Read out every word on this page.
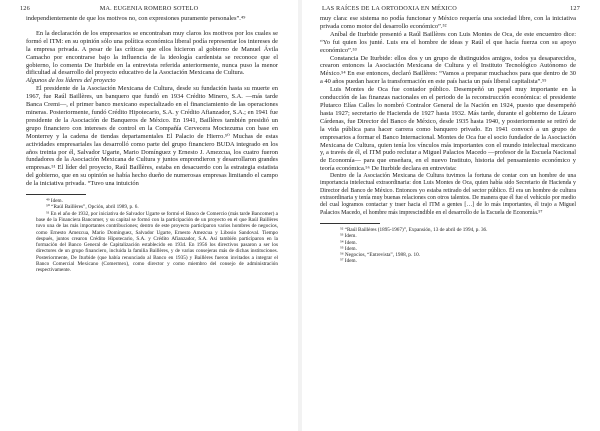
126	MA. EUGENIA ROMERO SOTELO

independientemente de que los motivos no, con expresiones puramente personales”.⁴⁹

En la declaración de los empresarios se encontraban muy claros los motivos por los cuales se formó el ITM: en su opinión sólo una política económica liberal podía representar los intereses de la empresa privada. A pesar de las críticas que ellos hicieron al gobierno de Manuel Ávila Camacho por encontrarse bajo la influencia de la ideología cardenista se reconoce que el gobierno, lo comenta De Iturbide en la entrevista referida anteriormente, nunca puso la menor dificultad al desarrollo del proyecto educativo de la Asociación Mexicana de Cultura.

Algunos de los líderes del proyecto

El presidente de la Asociación Mexicana de Cultura, desde su fundación hasta su muerte en 1967, fue Raúl Baillères, un banquero que fundó en 1934 Crédito Minero, S.A. —más tarde Banca Cremi—, el primer banco mexicano especializado en el financiamiento de las operaciones mineras. Posteriormente, fundó Crédito Hipotecario, S.A. y Crédito Afianzador, S.A.; en 1941 fue presidente de la Asociación de Banqueros de México. En 1941, Baillères también presidió un grupo financiero con intereses de control en la Compañía Cervecera Moctezuma con base en Monterrey y la cadena de tiendas departamentales El Palacio de Hierro.⁵⁰ Muchas de estas actividades empresariales las desarrolló como parte del grupo financiero BUDA integrado en los años treinta por él, Salvador Ugarte, Mario Domínguez y Ernesto J. Amezcua, los cuatro fueron fundadores de la Asociación Mexicana de Cultura y juntos emprendieron y desarrollaron grandes empresas.⁵¹ El líder del proyecto, Raúl Baillères, estaba en desacuerdo con la estrategia estatista del gobierno, que en su opinión se había hecho dueño de numerosas empresas limitando el campo de la iniciativa privada. “Tuvo una intuición

⁴⁹ Idem.

⁵⁰ “Raúl Baillères”, Opción, abril 1989, p. 6.

⁵¹ En el año de 1932, por iniciativa de Salvador Ugarte se formó el Banco de Comercio (más tarde Bancomer) a base de la Financiera Bancomer, y su capital se formó con la participación de un proyecto en el que Raúl Baillères tuvo una de las más importantes contribuciones; dentro de este proyecto participaron varios hombres de negocios, como Ernesto Amezcua, Mario Domínguez, Salvador Ugarte, Ernesto Amezcua y Libosio Sandoval. Tiempo después, juntos crearon Crédito Hipotecario, S.A. y Crédito Afianzador, S.A. Así también participaron en la formación del Banco General de Capitalización establecido en 1934. En 1956 los directivos pasaron a ser los directores de un grupo financiero, incluida la familia Baillères, y de varias consejeras más de dichas instituciones. Posteriormente, De Iturbide (que había renunciado al Banco en 1935) y Baillères fueron invitados a integrar el Banco Comercial Mexicano (Comermex), como director y como miembro del consejo de administración respectivamente.

LAS RAÍCES DE LA ORTODOXIA EN MÉXICO	127

muy clara: ese sistema no podía funcionar y México requería una sociedad libre, con la iniciativa privada como motor del desarrollo económico”.⁵²

Aníbal de Iturbide presentó a Raúl Baillères con Luis Montes de Oca, de este encuentro dice: “Yo fui quien los junté. Luis era el hombre de ideas y Raúl el que hacía fuerza con su apoyo económico”.⁵³

Constancia De Iturbide: ellos dos y un grupo de distinguidos amigos, todos ya desaparecidos, crearon entonces la Asociación Mexicana de Cultura y el Instituto Tecnológico Autónomo de México.⁵⁴ En ese entonces, declaró Baillères: “Vamos a preparar muchachos para que dentro de 30 a 40 años puedan hacer la transformación en este país hacia un país liberal capitalista”.⁵⁵

Luis Montes de Oca fue contador público. Desempeñó un papel muy importante en la conducción de las finanzas nacionales en el periodo de la reconstrucción económica: el presidente Plutarco Elías Calles lo nombró Contralor General de la Nación en 1924, puesto que desempeñó hasta 1927; secretario de Hacienda de 1927 hasta 1932. Más tarde, durante el gobierno de Lázaro Cárdenas, fue Director del Banco de México, desde 1935 hasta 1940, y posteriormente se retiró de la vida pública para hacer carrera como banquero privado. En 1941 convocó a un grupo de empresarios a formar el Banco Internacional. Montes de Oca fue el socio fundador de la Asociación Mexicana de Cultura, quien tenía los vínculos más importantes con el mundo intelectual mexicano y, a través de él, el ITM pudo reclutar a Miguel Palacios Macedo —profesor de la Escuela Nacional de Economía— para que enseñara, en el nuevo Instituto, historia del pensamiento económico y teoría económica.⁵⁶ De Iturbide declara en entrevista:

Dentro de la Asociación Mexicana de Cultura tuvimos la fortuna de contar con un hombre de una importancia intelectual extraordinaria: don Luis Montes de Oca, quien había sido Secretario de Hacienda y Director del Banco de México. Entonces yo estaba retirado del sector público. Él era un hombre de cultura extraordinaria y tenía muy buenas relaciones con otros talentos. De manera que él fue el vehículo por medio del cual logramos contactar y traer hacia el ITM a gentes […] de lo más importantes, él trajo a Miguel Palacios Macedo, el hombre más imprescindible en el desarrollo de la Escuela de Economía.⁵⁷

⁵² “Raúl Baillères (1895-1967)”, Expansión, 13 de abril de 1994, p. 36.

⁵³ Idem.

⁵⁴ Idem.

⁵⁵ Idem.

⁵⁶ Negocios, “Entrevista”, 1988, p. 10.

⁵⁷ Idem.
